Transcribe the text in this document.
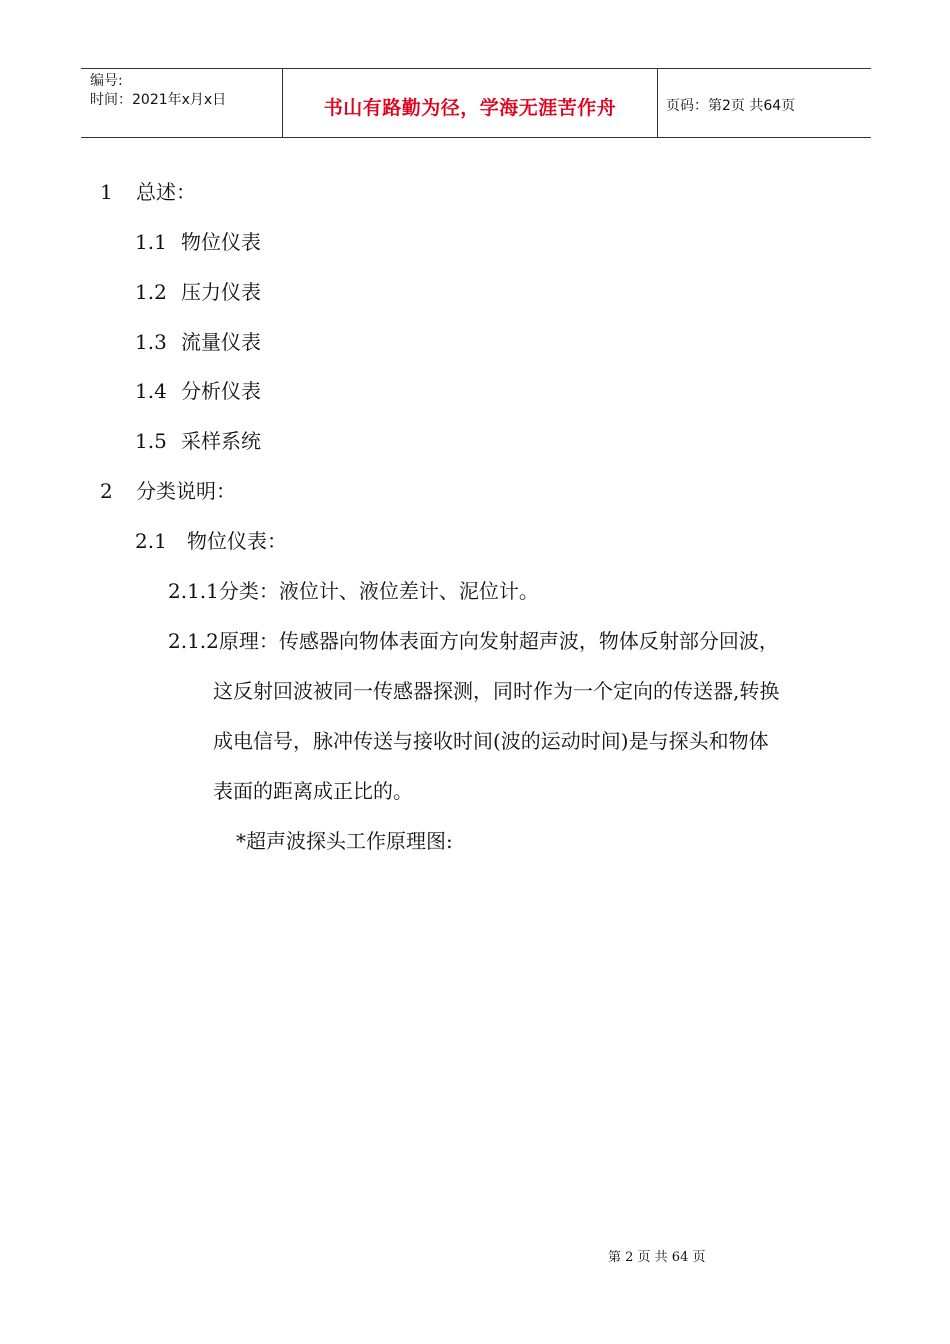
编号:
时间：2021年x月x日	书山有路勤为径，学海无涯苦作舟	页码：第2页 共64页
1 总述：
1.1 物位仪表
1.2 压力仪表
1.3 流量仪表
1.4 分析仪表
1.5 采样系统
2 分类说明：
2.1 物位仪表：
2.1.1分类：液位计、液位差计、泥位计。
2.1.2原理：传感器向物体表面方向发射超声波，物体反射部分回波，
这反射回波被同一传感器探测，同时作为一个定向的传送器,转换
成电信号，脉冲传送与接收时间(波的运动时间)是与探头和物体
表面的距离成正比的。
*超声波探头工作原理图:
第 2 页 共 64 页
